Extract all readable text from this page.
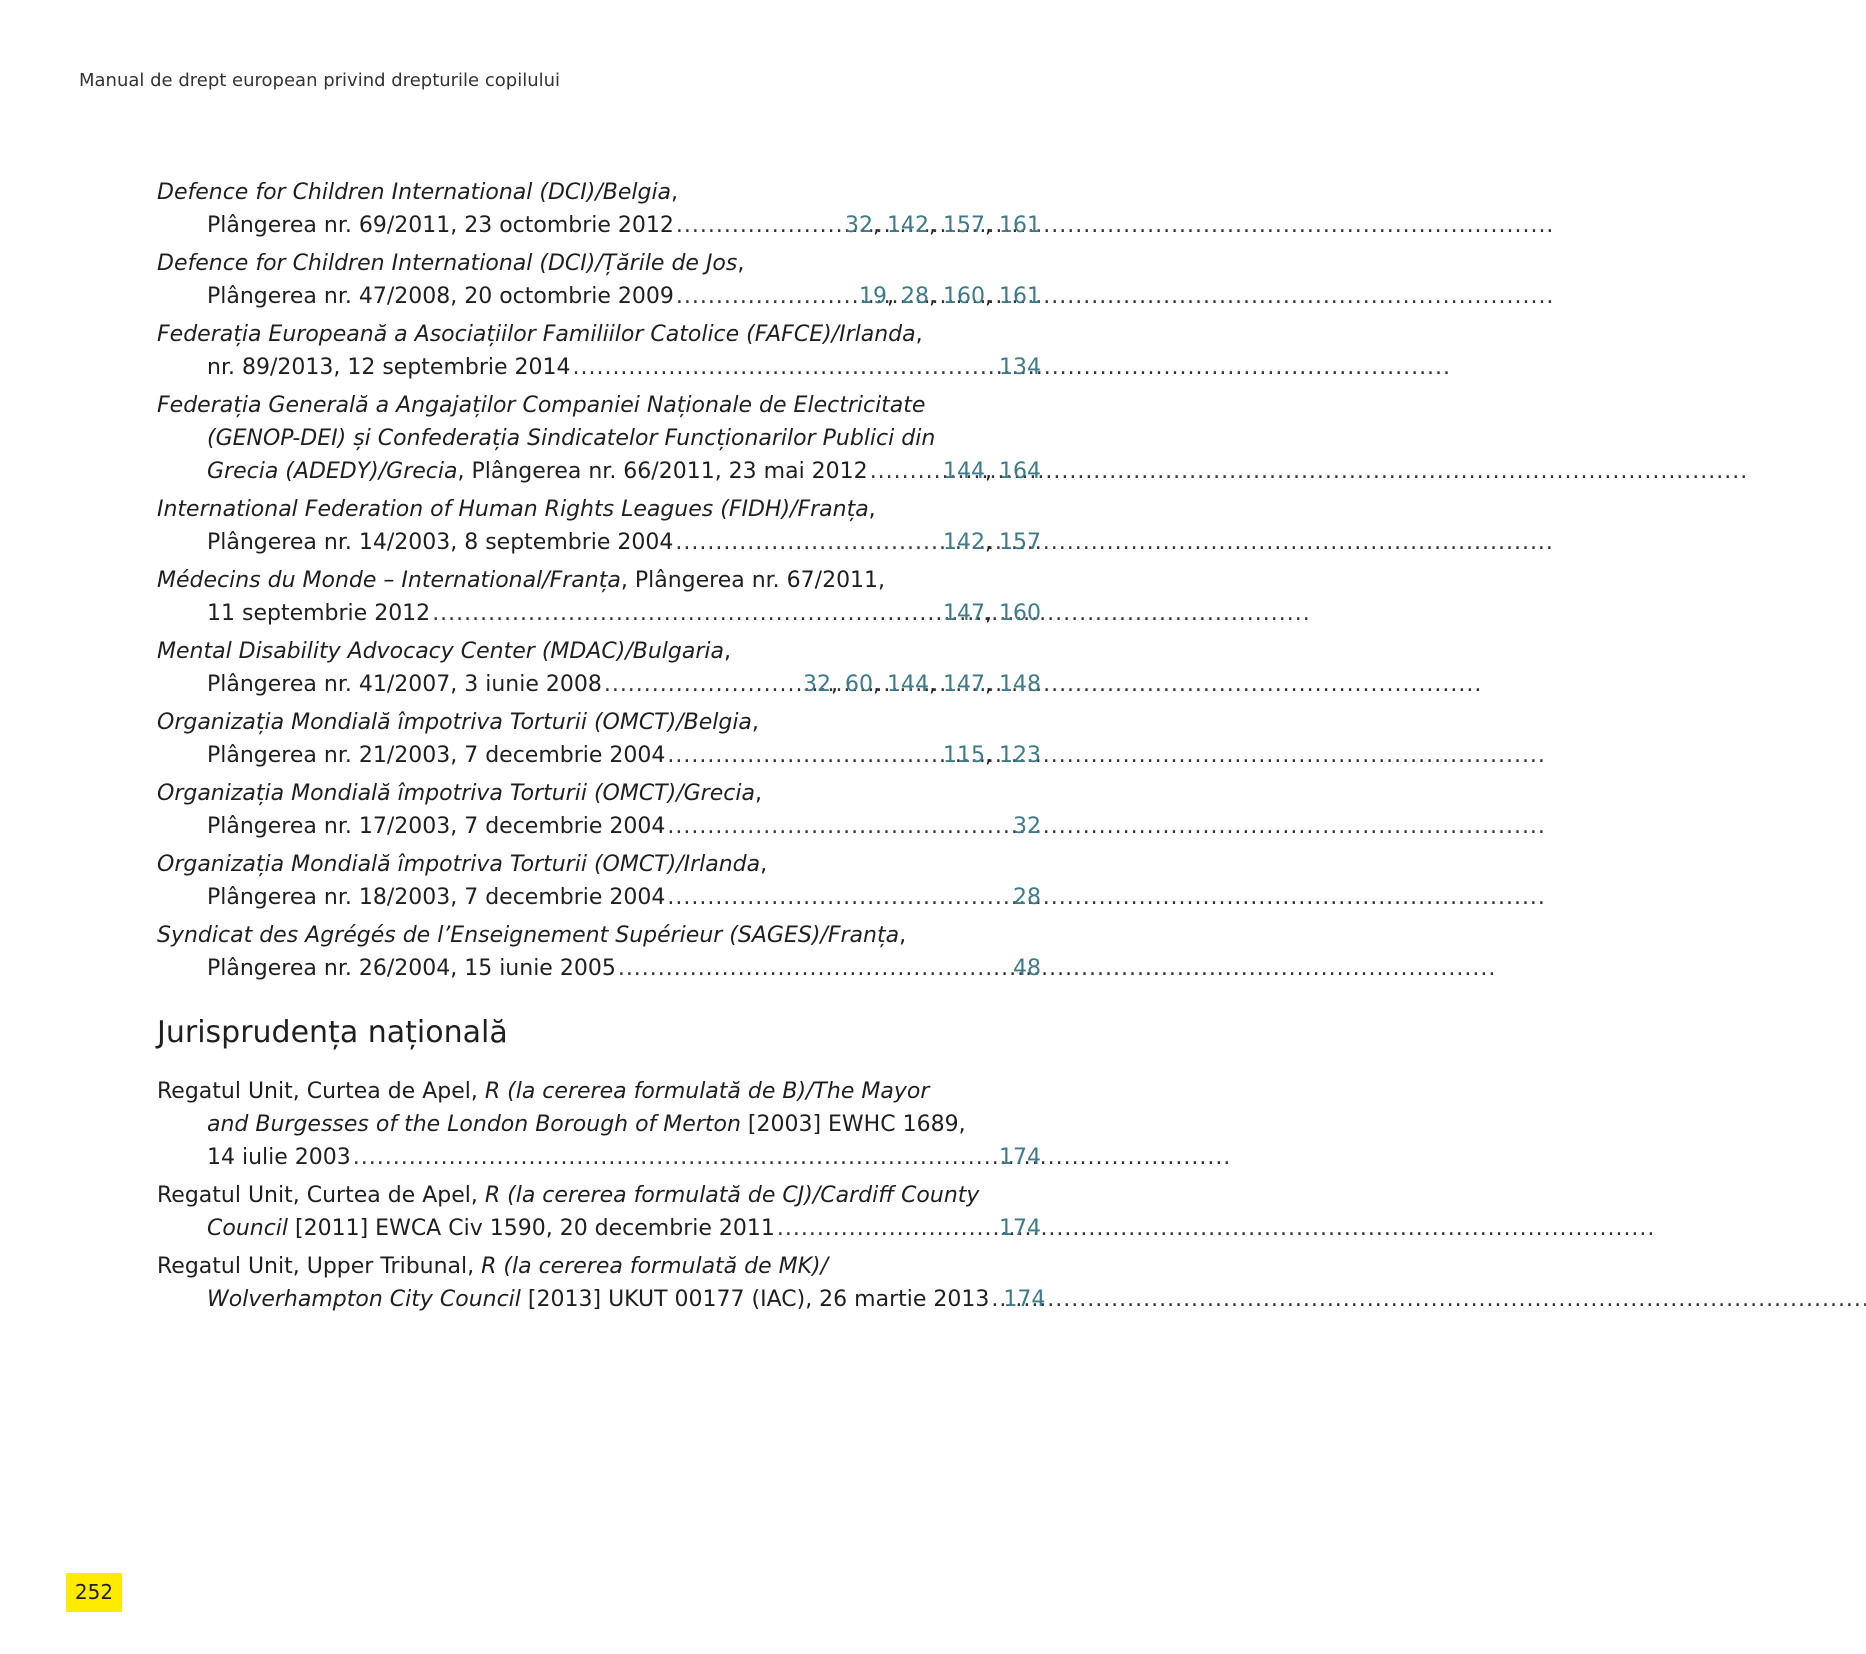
Manual de drept european privind drepturile copilului
Defence for Children International (DCI)/Belgia,
Plângerea nr. 69/2011, 23 octombrie 2012 . . .	32, 142, 157, 161
Defence for Children International (DCI)/Țările de Jos,
Plângerea nr. 47/2008, 20 octombrie 2009 . . .	19, 28, 160, 161
Federația Europeană a Asociațiilor Familiilor Catolice (FAFCE)/Irlanda,
nr. 89/2013, 12 septembrie 2014 . . .	134
Federația Generală a Angajaților Companiei Naționale de Electricitate
(GENOP-DEI) și Confederația Sindicatelor Funcționarilor Publici din
Grecia (ADEDY)/Grecia, Plângerea nr. 66/2011, 23 mai 2012 . . .	144, 164
International Federation of Human Rights Leagues (FIDH)/Franța,
Plângerea nr. 14/2003, 8 septembrie 2004 . . .	142, 157
Médecins du Monde – International/Franța, Plângerea nr. 67/2011,
11 septembrie 2012 . . .	147, 160
Mental Disability Advocacy Center (MDAC)/Bulgaria,
Plângerea nr. 41/2007, 3 iunie 2008 . . .	32, 60, 144, 147, 148
Organizația Mondială împotriva Torturii (OMCT)/Belgia,
Plângerea nr. 21/2003, 7 decembrie 2004 . . .	115, 123
Organizația Mondială împotriva Torturii (OMCT)/Grecia,
Plângerea nr. 17/2003, 7 decembrie 2004 . . .	32
Organizația Mondială împotriva Torturii (OMCT)/Irlanda,
Plângerea nr. 18/2003, 7 decembrie 2004 . . .	28
Syndicat des Agrégés de l’Enseignement Supérieur (SAGES)/Franța,
Plângerea nr. 26/2004, 15 iunie 2005 . . .	48
Jurisprudența națională
Regatul Unit, Curtea de Apel, R (la cererea formulată de B)/The Mayor
and Burgesses of the London Borough of Merton [2003] EWHC 1689,
14 iulie 2003 . . .	174
Regatul Unit, Curtea de Apel, R (la cererea formulată de CJ)/Cardiff County
Council [2011] EWCA Civ 1590, 20 decembrie 2011 . . .	174
Regatul Unit, Upper Tribunal, R (la cererea formulată de MK)/
Wolverhampton City Council [2013] UKUT 00177 (IAC), 26 martie 2013 . . . 174
252
